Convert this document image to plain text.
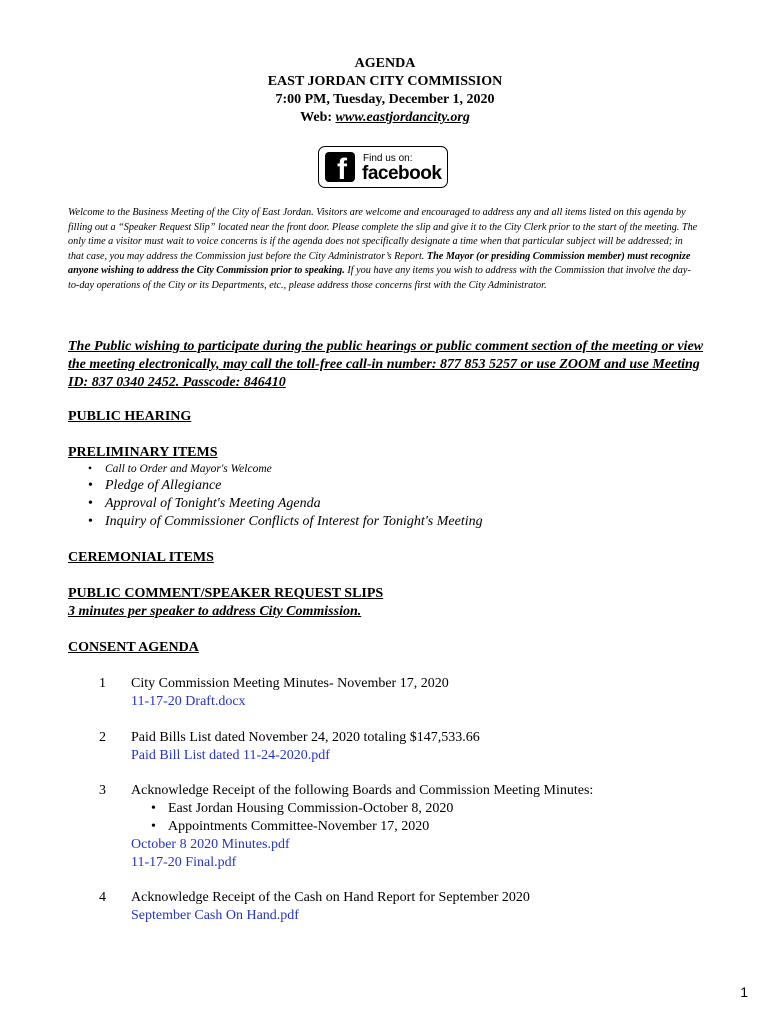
AGENDA
EAST JORDAN CITY COMMISSION
7:00 PM, Tuesday, December 1, 2020
Web: www.eastjordancity.org
f Find us on:
facebook
Welcome to the Business Meeting of the City of East Jordan. Visitors are welcome and encouraged to address any and all items listed on this agenda by filling out a “Speaker Request Slip” located near the front door. Please complete the slip and give it to the City Clerk prior to the start of the meeting. The only time a visitor must wait to voice concerns is if the agenda does not specifically designate a time when that particular subject will be addressed; in that case, you may address the Commission just before the City Administrator’s Report. The Mayor (or presiding Commission member) must recognize anyone wishing to address the City Commission prior to speaking. If you have any items you wish to address with the Commission that involve the day-to-day operations of the City or its Departments, etc., please address those concerns first with the City Administrator.
The Public wishing to participate during the public hearings or public comment section of the meeting or view the meeting electronically, may call the toll-free call-in number: 877 853 5257 or use ZOOM and use Meeting ID: 837 0340 2452. Passcode: 846410
PUBLIC HEARING
PRELIMINARY ITEMS
• Call to Order and Mayor's Welcome
• Pledge of Allegiance
• Approval of Tonight's Meeting Agenda
• Inquiry of Commissioner Conflicts of Interest for Tonight's Meeting
CEREMONIAL ITEMS
PUBLIC COMMENT/SPEAKER REQUEST SLIPS
3 minutes per speaker to address City Commission.
CONSENT AGENDA
1 City Commission Meeting Minutes- November 17, 2020
11-17-20 Draft.docx
2 Paid Bills List dated November 24, 2020 totaling $147,533.66
Paid Bill List dated 11-24-2020.pdf
3 Acknowledge Receipt of the following Boards and Commission Meeting Minutes:
• East Jordan Housing Commission-October 8, 2020
• Appointments Committee-November 17, 2020
October 8 2020 Minutes.pdf
11-17-20 Final.pdf
4 Acknowledge Receipt of the Cash on Hand Report for September 2020
September Cash On Hand.pdf
1
